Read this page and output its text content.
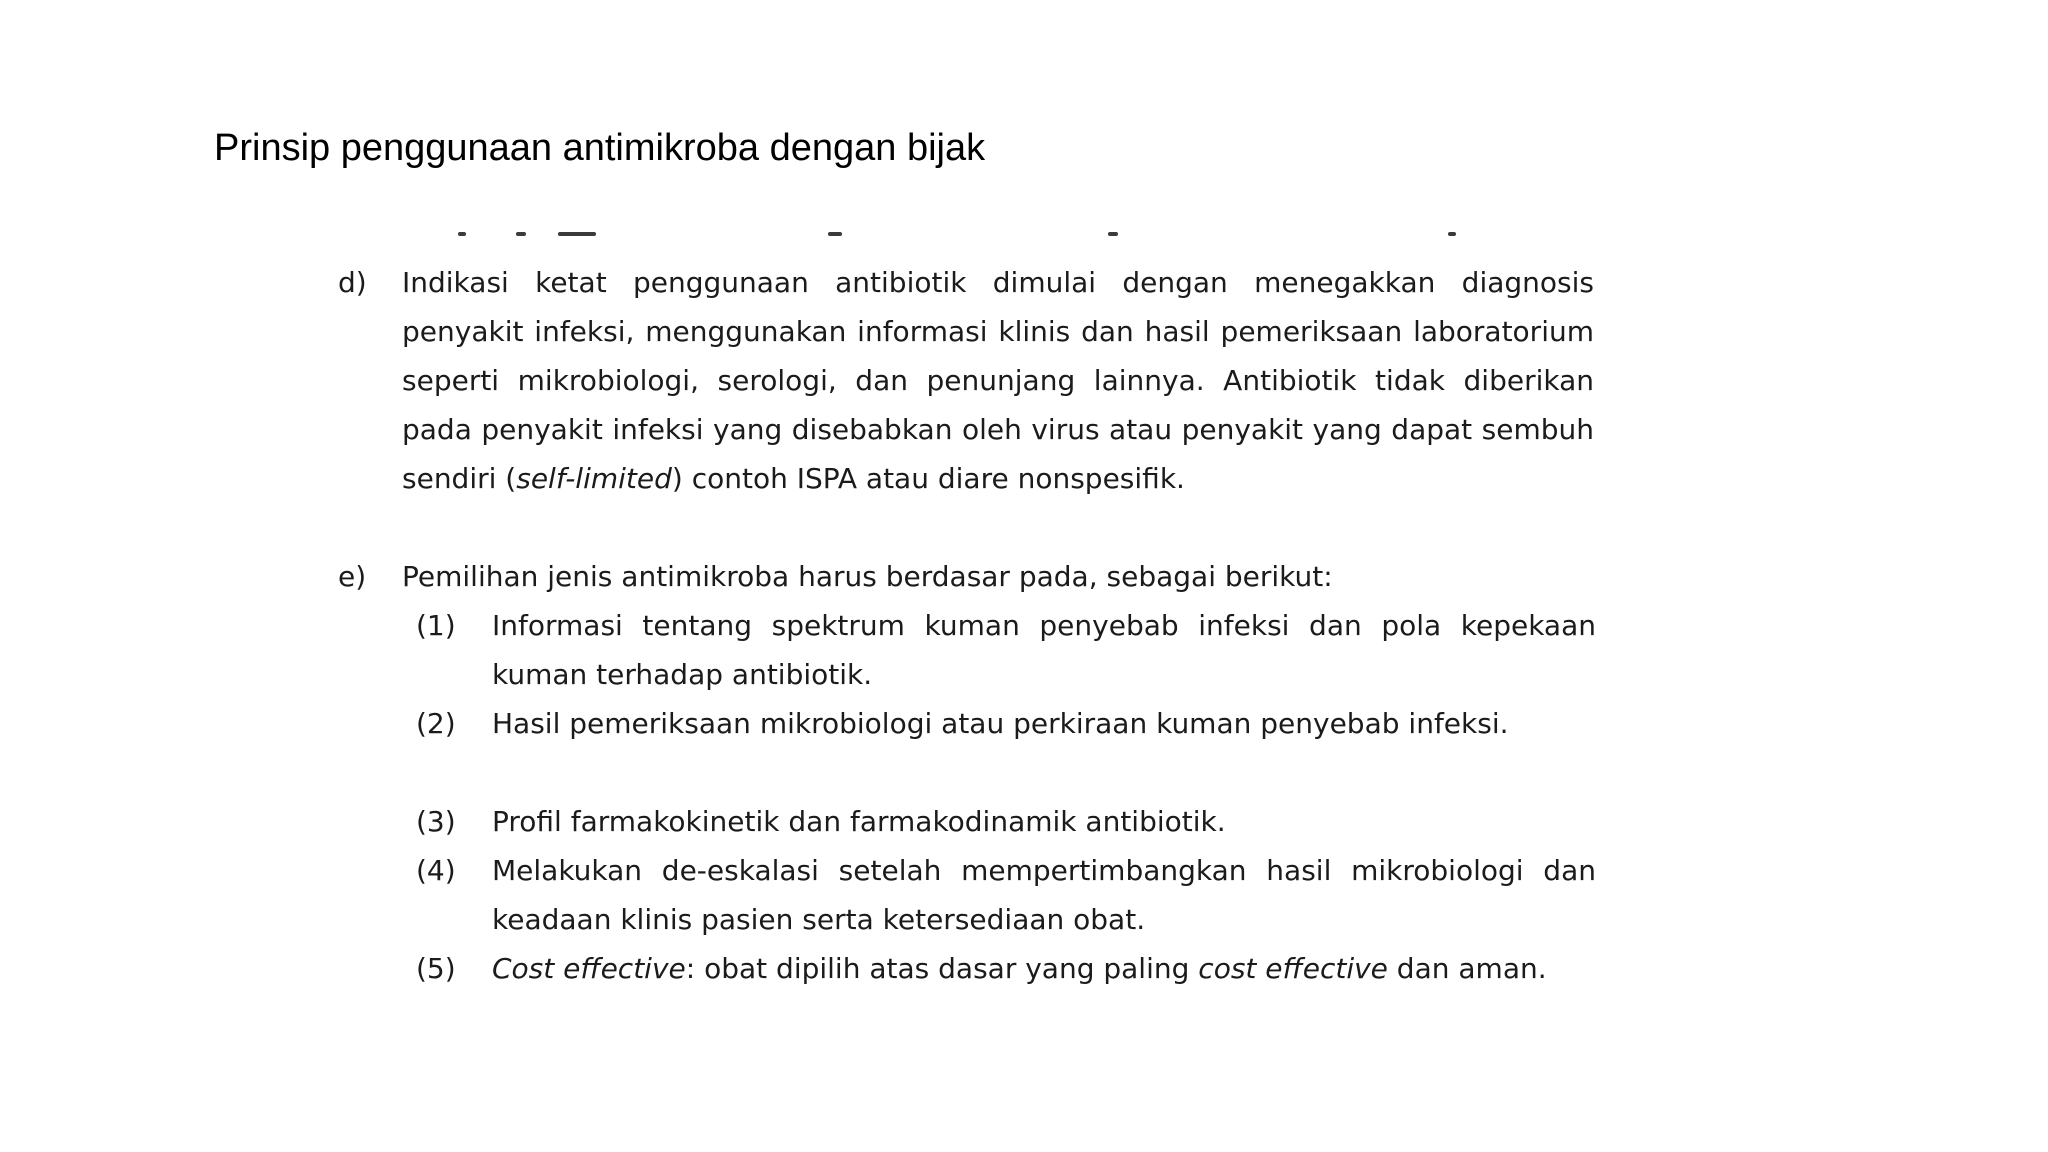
Prinsip penggunaan antimikroba dengan bijak
d) Indikasi ketat penggunaan antibiotik dimulai dengan menegakkan diagnosis penyakit infeksi, menggunakan informasi klinis dan hasil pemeriksaan laboratorium seperti mikrobiologi, serologi, dan penunjang lainnya. Antibiotik tidak diberikan pada penyakit infeksi yang disebabkan oleh virus atau penyakit yang dapat sembuh sendiri (self-limited) contoh ISPA atau diare nonspesifik.
e) Pemilihan jenis antimikroba harus berdasar pada, sebagai berikut:
(1) Informasi tentang spektrum kuman penyebab infeksi dan pola kepekaan kuman terhadap antibiotik.
(2) Hasil pemeriksaan mikrobiologi atau perkiraan kuman penyebab infeksi.
(3) Profil farmakokinetik dan farmakodinamik antibiotik.
(4) Melakukan de-eskalasi setelah mempertimbangkan hasil mikrobiologi dan keadaan klinis pasien serta ketersediaan obat.
(5) Cost effective: obat dipilih atas dasar yang paling cost effective dan aman.
